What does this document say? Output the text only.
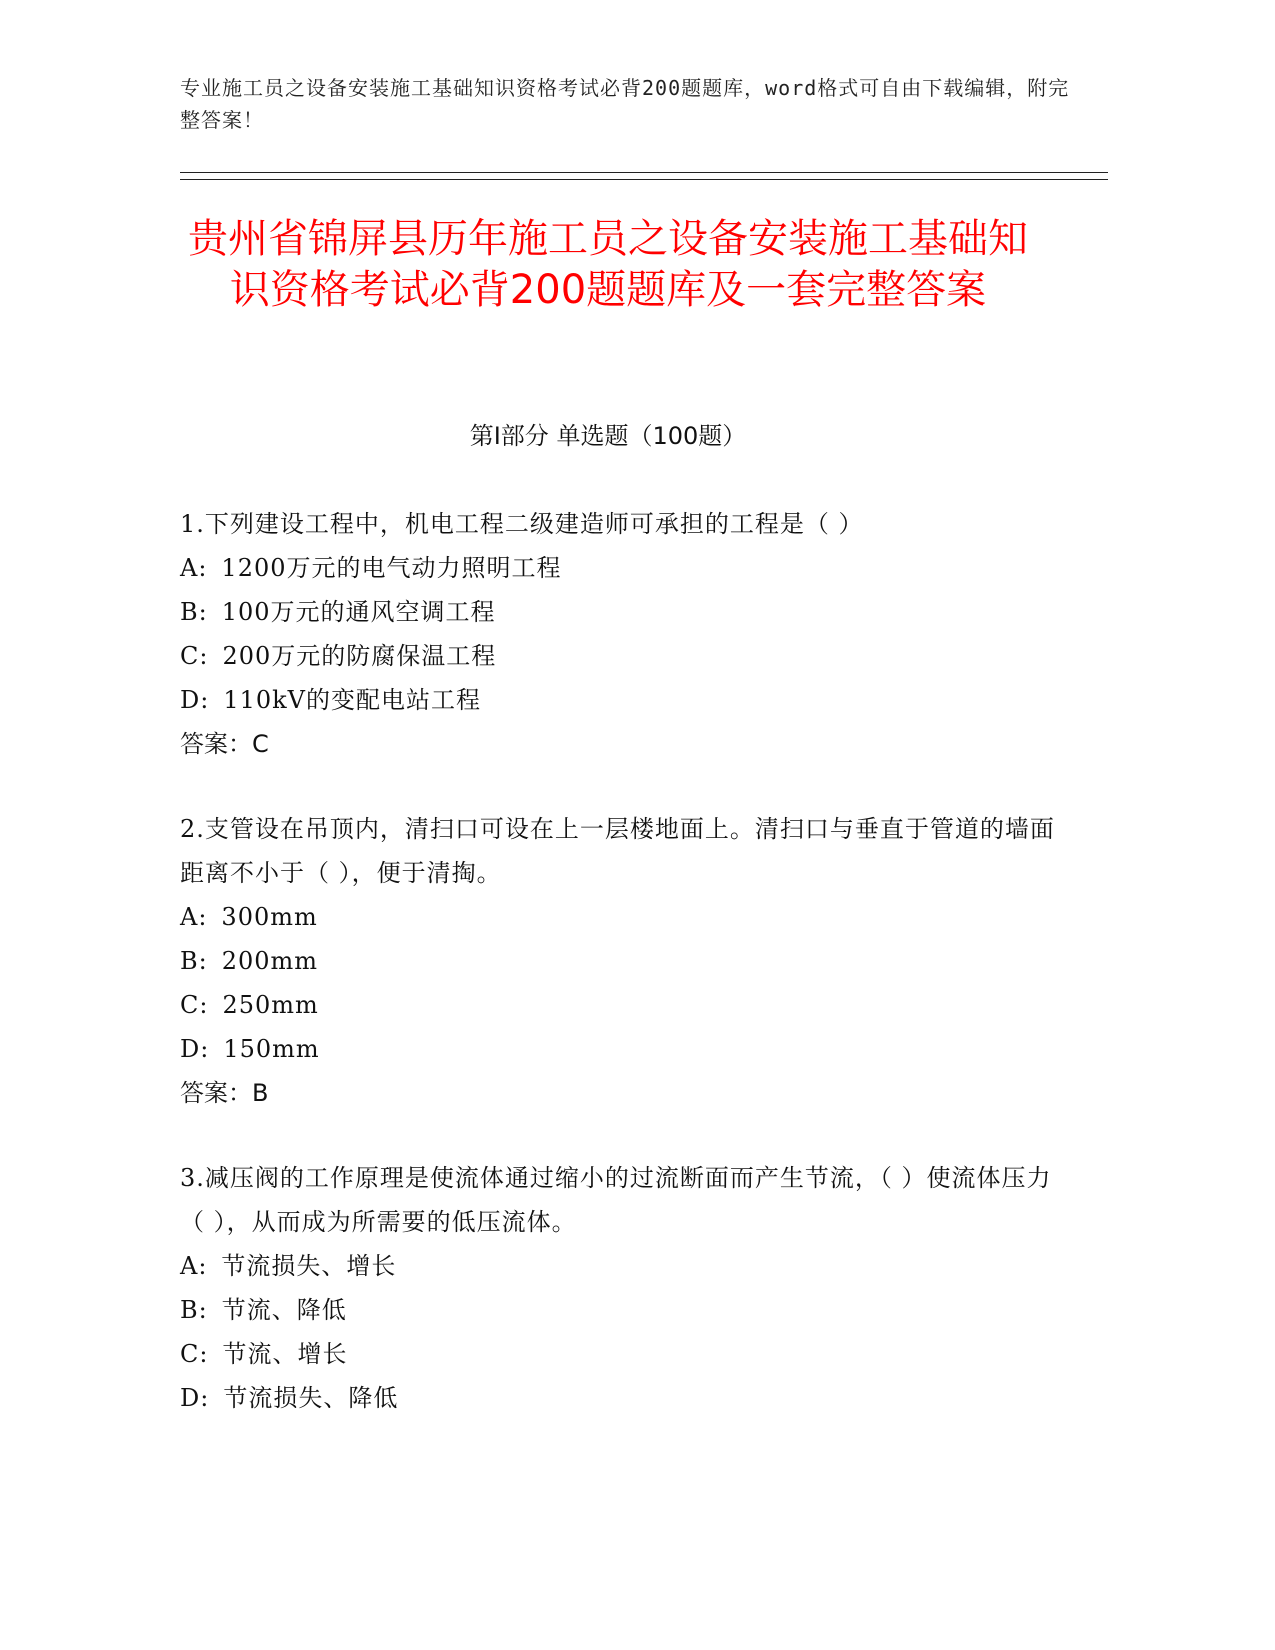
专业施工员之设备安装施工基础知识资格考试必背200题题库，word格式可自由下载编辑，附完整答案！
贵州省锦屏县历年施工员之设备安装施工基础知识资格考试必背200题题库及一套完整答案
第Ⅰ部分 单选题（100题）
1.下列建设工程中，机电工程二级建造师可承担的工程是（ ）
A: 1200万元的电气动力照明工程
B: 100万元的通风空调工程
C: 200万元的防腐保温工程
D: 110kV的变配电站工程
答案：C
2.支管设在吊顶内，清扫口可设在上一层楼地面上。清扫口与垂直于管道的墙面距离不小于（ ），便于清掏。
A: 300mm
B: 200mm
C: 250mm
D: 150mm
答案：B
3.减压阀的工作原理是使流体通过缩小的过流断面而产生节流，（ ）使流体压力（ ），从而成为所需要的低压流体。
A: 节流损失、增长
B: 节流、降低
C: 节流、增长
D: 节流损失、降低
